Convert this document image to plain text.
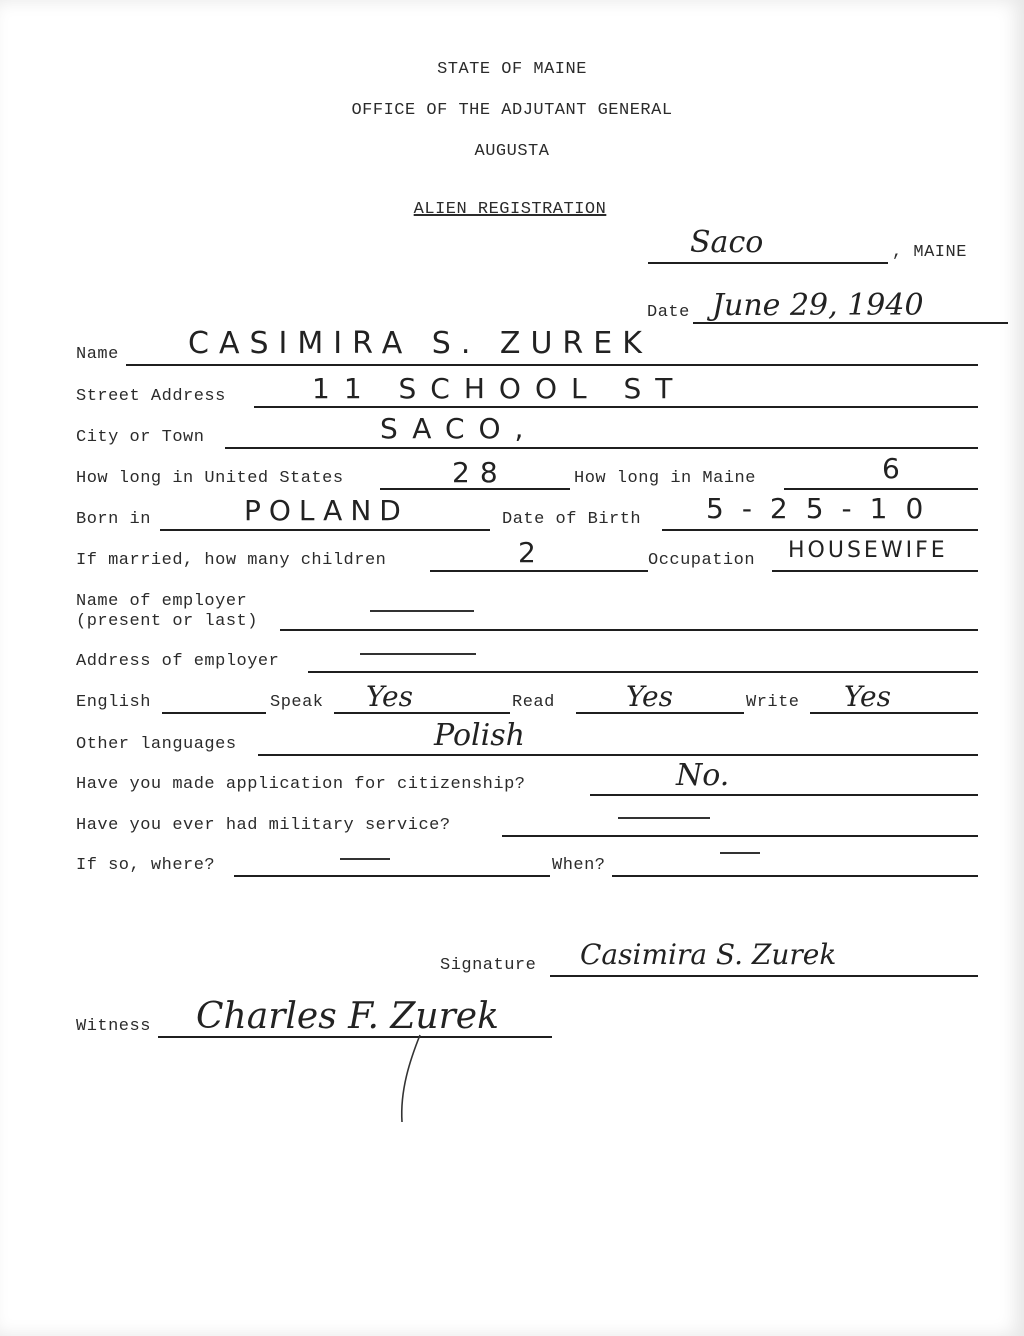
STATE OF MAINE
OFFICE OF THE ADJUTANT GENERAL
AUGUSTA
ALIEN REGISTRATION
Saco	, MAINE
Date June 29, 1940
Name CASIMIRA S. ZUREK
Street Address	11 SCHOOL ST
City or Town	SACO,
How long in United States	28	How long in Maine	6
Born in	POLAND	Date of Birth 5-25-10
If married, how many children	2	Occupation HOUSEWIFE
Name of employer
(present or last)
Address of employer
English	Speak Yes	Read	Yes	Write Yes
Other languages	Polish
Have you made application for citizenship?	No.
Have you ever had military service?
If so, where?	When?
Signature Casimira S. Zurek
Witness Charles F. Zurek
